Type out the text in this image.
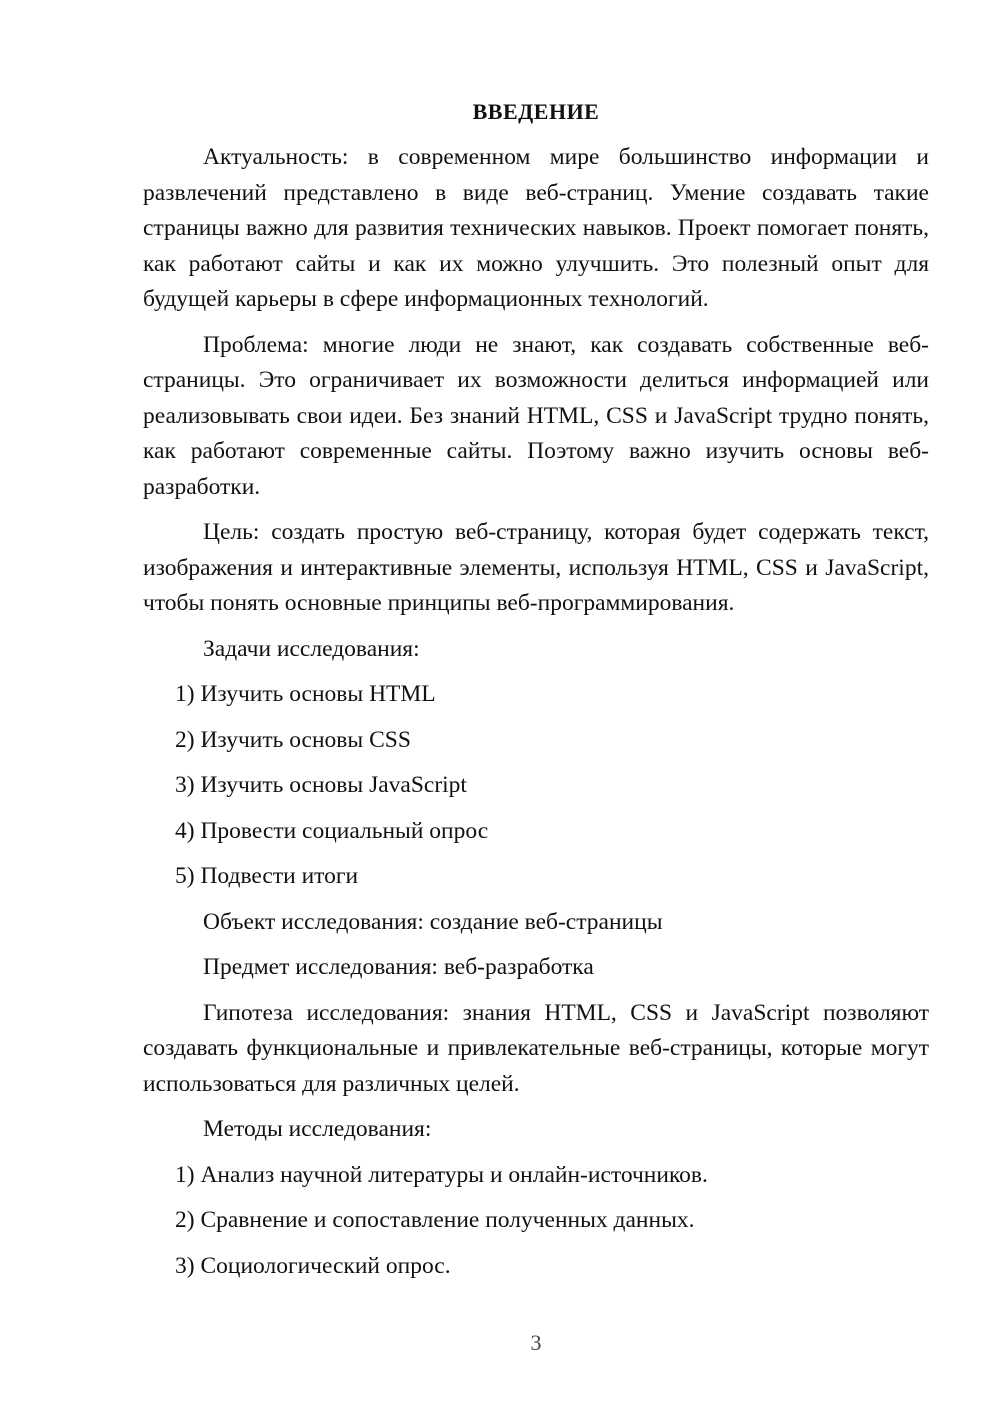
ВВЕДЕНИЕ

Актуальность: в современном мире большинство информации и развлечений представлено в виде веб-страниц. Умение создавать такие страницы важно для развития технических навыков. Проект помогает понять, как работают сайты и как их можно улучшить. Это полезный опыт для будущей карьеры в сфере информационных технологий.

Проблема: многие люди не знают, как создавать собственные веб-страницы. Это ограничивает их возможности делиться информацией или реализовывать свои идеи. Без знаний HTML, CSS и JavaScript трудно понять, как работают современные сайты. Поэтому важно изучить основы веб-разработки.

Цель: создать простую веб-страницу, которая будет содержать текст, изображения и интерактивные элементы, используя HTML, CSS и JavaScript, чтобы понять основные принципы веб-программирования.

Задачи исследования:
1) Изучить основы HTML
2) Изучить основы CSS
3) Изучить основы JavaScript
4) Провести социальный опрос
5) Подвести итоги
Объект исследования: создание веб-страницы
Предмет исследования: веб-разработка

Гипотеза исследования: знания HTML, CSS и JavaScript позволяют создавать функциональные и привлекательные веб-страницы, которые могут использоваться для различных целей.

Методы исследования:
1) Анализ научной литературы и онлайн-источников.
2) Сравнение и сопоставление полученных данных.
3) Социологический опрос.
3
